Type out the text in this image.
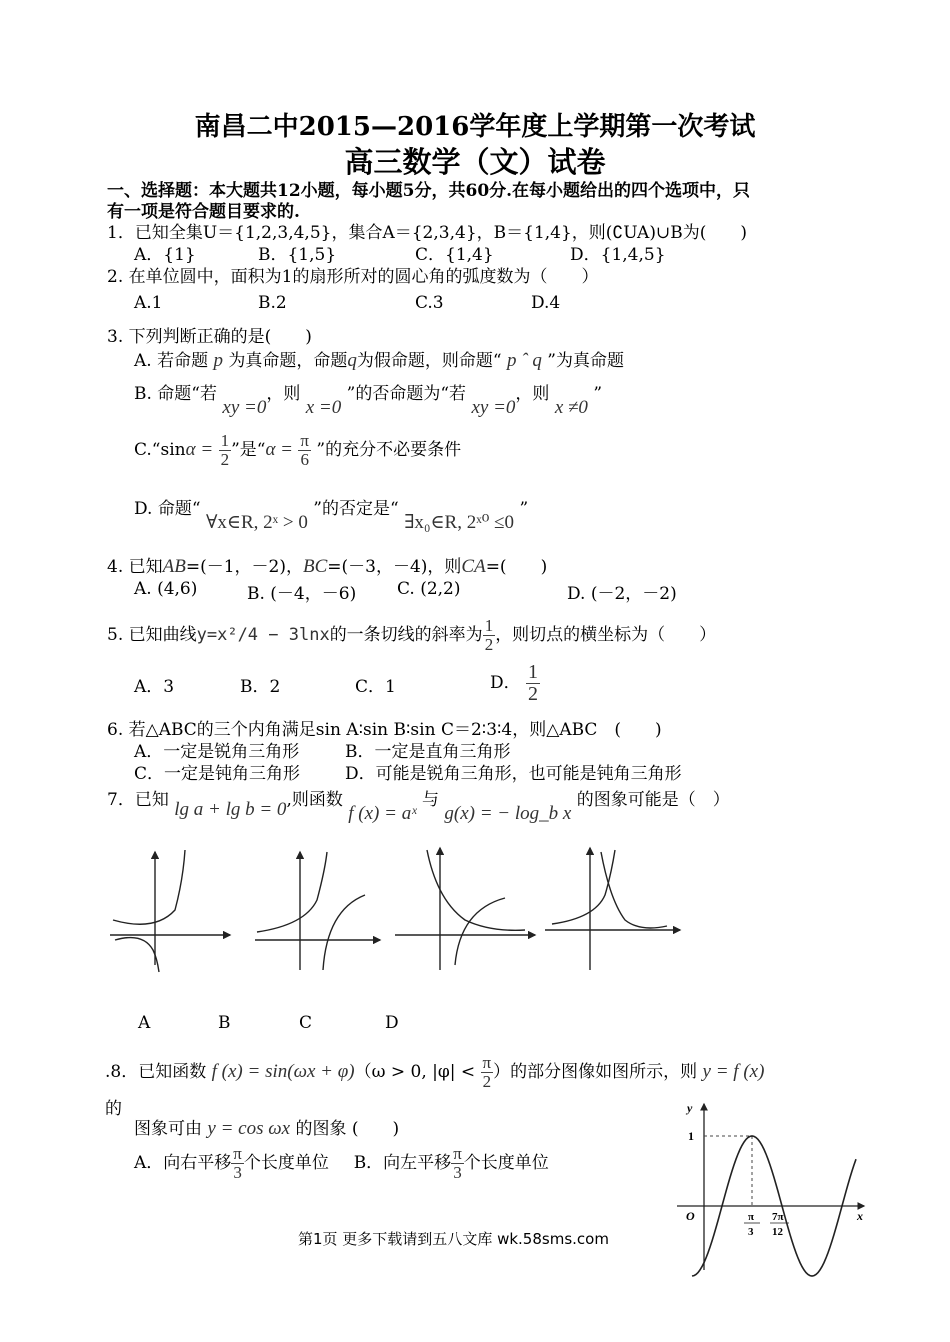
南昌二中2015—2016学年度上学期第一次考试
高三数学（文）试卷
一、选择题：本大题共12小题，每小题5分，共60分.在每小题给出的四个选项中，只
有一项是符合题目要求的.
1．已知全集U＝{1,2,3,4,5}，集合A＝{2,3,4}，B＝{1,4}，则(∁UA)∪B为(　　)
A．{1}	B．{1,5}	C．{1,4}	D．{1,4,5}
2. 在单位圆中，面积为1的扇形所对的圆心角的弧度数为（　　）
A.1	B.2	C.3	D.4
3. 下列判断正确的是(　　)
A. 若命题 p 为真命题，命题q为假命题，则命题“ p ˆ q ”为真命题
B. 命题“若 xy =0，则 x =0 ”的否命题为“若 xy =0，则 x ≠0 ”
C.“sinα = $\frac{1}{2}$ ”是“$\alpha = \frac{\pi}{6}$ ”的充分不必要条件
D. 命题“ ∀x∈R, 2ˣ > 0 ”的否定是“ ∃x₀∈R, 2ˣ⁰ ≤0 ”
4. 已知AB=(－1，－2)，BC=(－3，－4)，则CA=(　　)
A. (4,6)	B. (－4，－6) C. (2,2)	D. (－2，－2)
5. 已知曲线y=x²/4 − 3lnx的一条切线的斜率为 $\frac{1}{2}$ ，则切点的横坐标为（　　）
A．3	B．2	C．1	D． $\frac{1}{2}$
6. 若△ABC的三个内角满足sin A∶sin B∶sin C＝2∶3∶4，则△ABC　(　　)
A．一定是锐角三角形	B．一定是直角三角形
C．一定是钝角三角形	D．可能是锐角三角形，也可能是钝角三角形
7．已知 lg a + lg b = 0,则函数 f (x) = aˣ 与 g(x) = − log_b x 的图象可能是（　）
A	B	C	D
.8．已知函数 f (x) = sin(ωx + φ)（ω > 0, $|\varphi| < \frac{\pi}{2}$ ）的部分图像如图所示，则 y = f (x)
的
图象可由 y = cos ωx 的图象 (　　)
A．向右平移 $\frac{\pi}{3}$ 个长度单位 B．向左平移 $\frac{\pi}{3}$ 个长度单位
y
1
O	x
π
3
7π
12
第1页 更多下载请到五八文库 wk.58sms.com
